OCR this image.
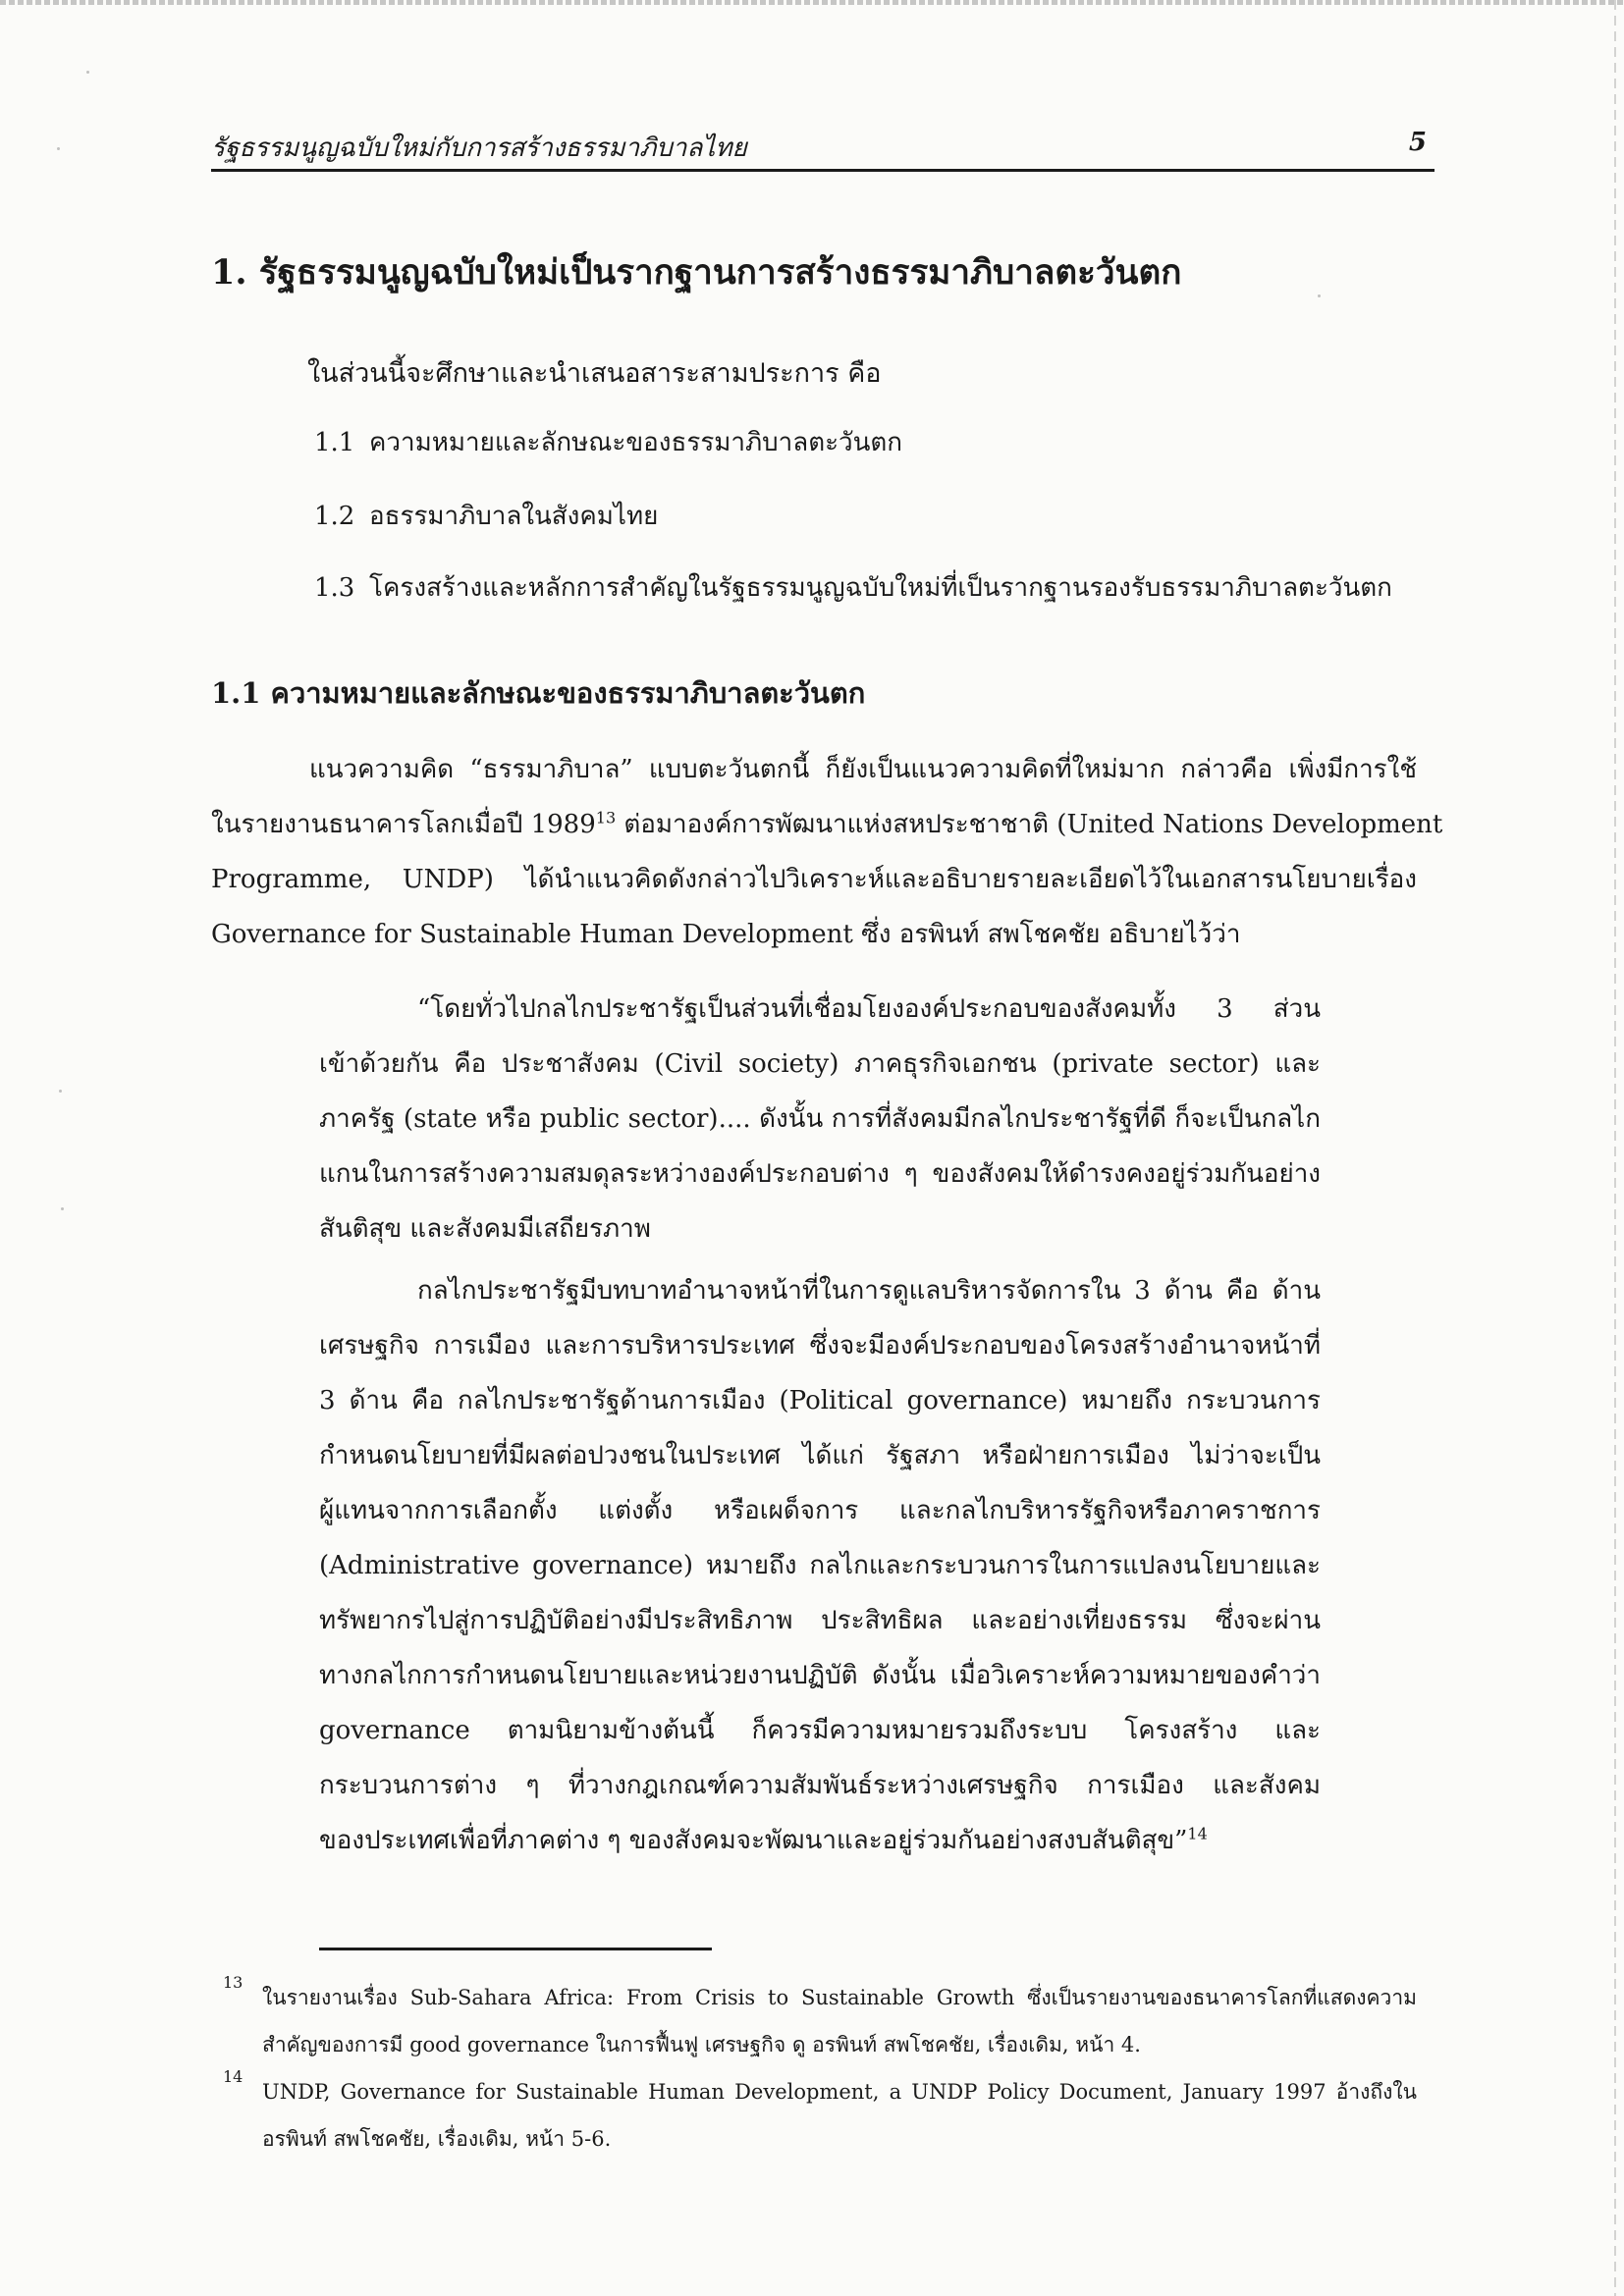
รัฐธรรมนูญฉบับใหม่กับการสร้างธรรมาภิบาลไทย	5
1. รัฐธรรมนูญฉบับใหม่เป็นรากฐานการสร้างธรรมาภิบาลตะวันตก
ในส่วนนี้จะศึกษาและนำเสนอสาระสามประการ คือ
1.1 ความหมายและลักษณะของธรรมาภิบาลตะวันตก
1.2 อธรรมาภิบาลในสังคมไทย
1.3 โครงสร้างและหลักการสำคัญในรัฐธรรมนูญฉบับใหม่ที่เป็นรากฐานรองรับธรรมาภิบาลตะวันตก
1.1 ความหมายและลักษณะของธรรมาภิบาลตะวันตก
แนวความคิด “ธรรมาภิบาล” แบบตะวันตกนี้ ก็ยังเป็นแนวความคิดที่ใหม่มาก กล่าวคือ เพิ่งมีการใช้
ในรายงานธนาคารโลกเมื่อปี 1989$^{13}$ ต่อมาองค์การพัฒนาแห่งสหประชาชาติ (United Nations Development
Programme, UNDP) ได้นำแนวคิดดังกล่าวไปวิเคราะห์และอธิบายรายละเอียดไว้ในเอกสารนโยบายเรื่อง
Governance for Sustainable Human Development ซึ่ง อรพินท์ สพโชคชัย อธิบายไว้ว่า
“โดยทั่วไปกลไกประชารัฐเป็นส่วนที่เชื่อมโยงองค์ประกอบของสังคมทั้ง 3 ส่วน
เข้าด้วยกัน คือ ประชาสังคม (Civil society) ภาคธุรกิจเอกชน (private sector) และ
ภาครัฐ (state หรือ public sector).... ดังนั้น การที่สังคมมีกลไกประชารัฐที่ดี ก็จะเป็นกลไก
แกนในการสร้างความสมดุลระหว่างองค์ประกอบต่าง ๆ ของสังคมให้ดำรงคงอยู่ร่วมกันอย่าง
สันติสุข และสังคมมีเสถียรภาพ
กลไกประชารัฐมีบทบาทอำนาจหน้าที่ในการดูแลบริหารจัดการใน 3 ด้าน คือ ด้าน
เศรษฐกิจ การเมือง และการบริหารประเทศ ซึ่งจะมีองค์ประกอบของโครงสร้างอำนาจหน้าที่
3 ด้าน คือ กลไกประชารัฐด้านการเมือง (Political governance) หมายถึง กระบวนการ
กำหนดนโยบายที่มีผลต่อปวงชนในประเทศ ได้แก่ รัฐสภา หรือฝ่ายการเมือง ไม่ว่าจะเป็น
ผู้แทนจากการเลือกตั้ง แต่งตั้ง หรือเผด็จการ และกลไกบริหารรัฐกิจหรือภาคราชการ
(Administrative governance) หมายถึง กลไกและกระบวนการในการแปลงนโยบายและ
ทรัพยากรไปสู่การปฏิบัติอย่างมีประสิทธิภาพ ประสิทธิผล และอย่างเที่ยงธรรม ซึ่งจะผ่าน
ทางกลไกการกำหนดนโยบายและหน่วยงานปฏิบัติ ดังนั้น เมื่อวิเคราะห์ความหมายของคำว่า
governance ตามนิยามข้างต้นนี้ ก็ควรมีความหมายรวมถึงระบบ โครงสร้าง และ
กระบวนการต่าง ๆ ที่วางกฎเกณฑ์ความสัมพันธ์ระหว่างเศรษฐกิจ การเมือง และสังคม
ของประเทศเพื่อที่ภาคต่าง ๆ ของสังคมจะพัฒนาและอยู่ร่วมกันอย่างสงบสันติสุข”$^{14}$
13
ในรายงานเรื่อง Sub-Sahara Africa: From Crisis to Sustainable Growth ซึ่งเป็นรายงานของธนาคารโลกที่แสดงความ
สำคัญของการมี good governance ในการฟื้นฟู เศรษฐกิจ ดู อรพินท์ สพโชคชัย, เรื่องเดิม, หน้า 4.
14
UNDP, Governance for Sustainable Human Development, a UNDP Policy Document, January 1997 อ้างถึงใน
อรพินท์ สพโชคชัย, เรื่องเดิม, หน้า 5-6.
